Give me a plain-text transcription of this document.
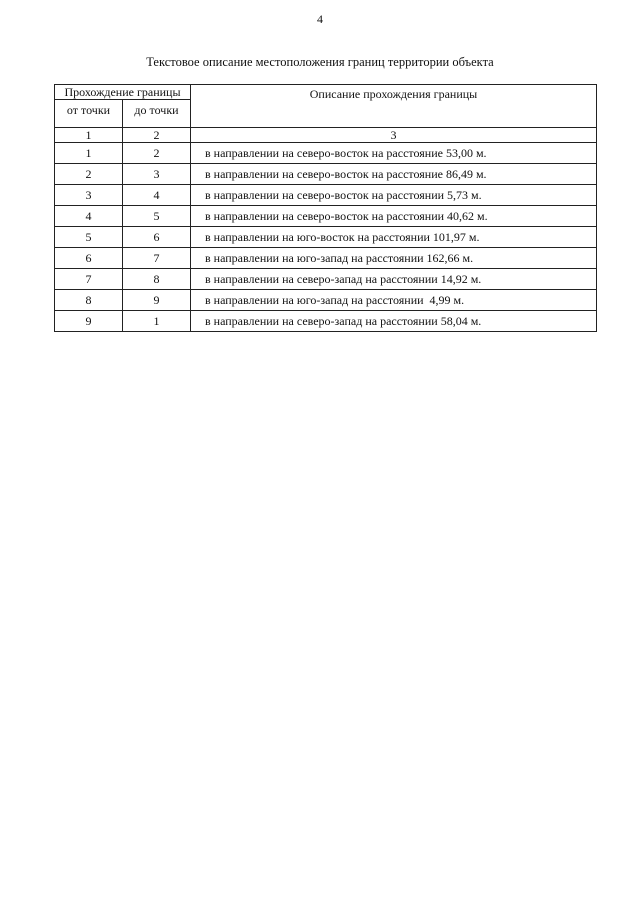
4
Текстовое описание местоположения границ территории объекта
Прохождение границы		Описание прохождения границы
от точки	до точки	
1	2	3
1	2	в направлении на северо-восток на расстояние 53,00 м.
2	3	в направлении на северо-восток на расстояние 86,49 м.
3	4	в направлении на северо-восток на расстоянии 5,73 м.
4	5	в направлении на северо-восток на расстоянии 40,62 м.
5	6	в направлении на юго-восток на расстоянии 101,97 м.
6	7	в направлении на юго-запад на расстоянии 162,66 м.
7	8	в направлении на северо-запад на расстоянии 14,92 м.
8	9	в направлении на юго-запад на расстоянии  4,99 м.
9	1	в направлении на северо-запад на расстоянии 58,04 м.
